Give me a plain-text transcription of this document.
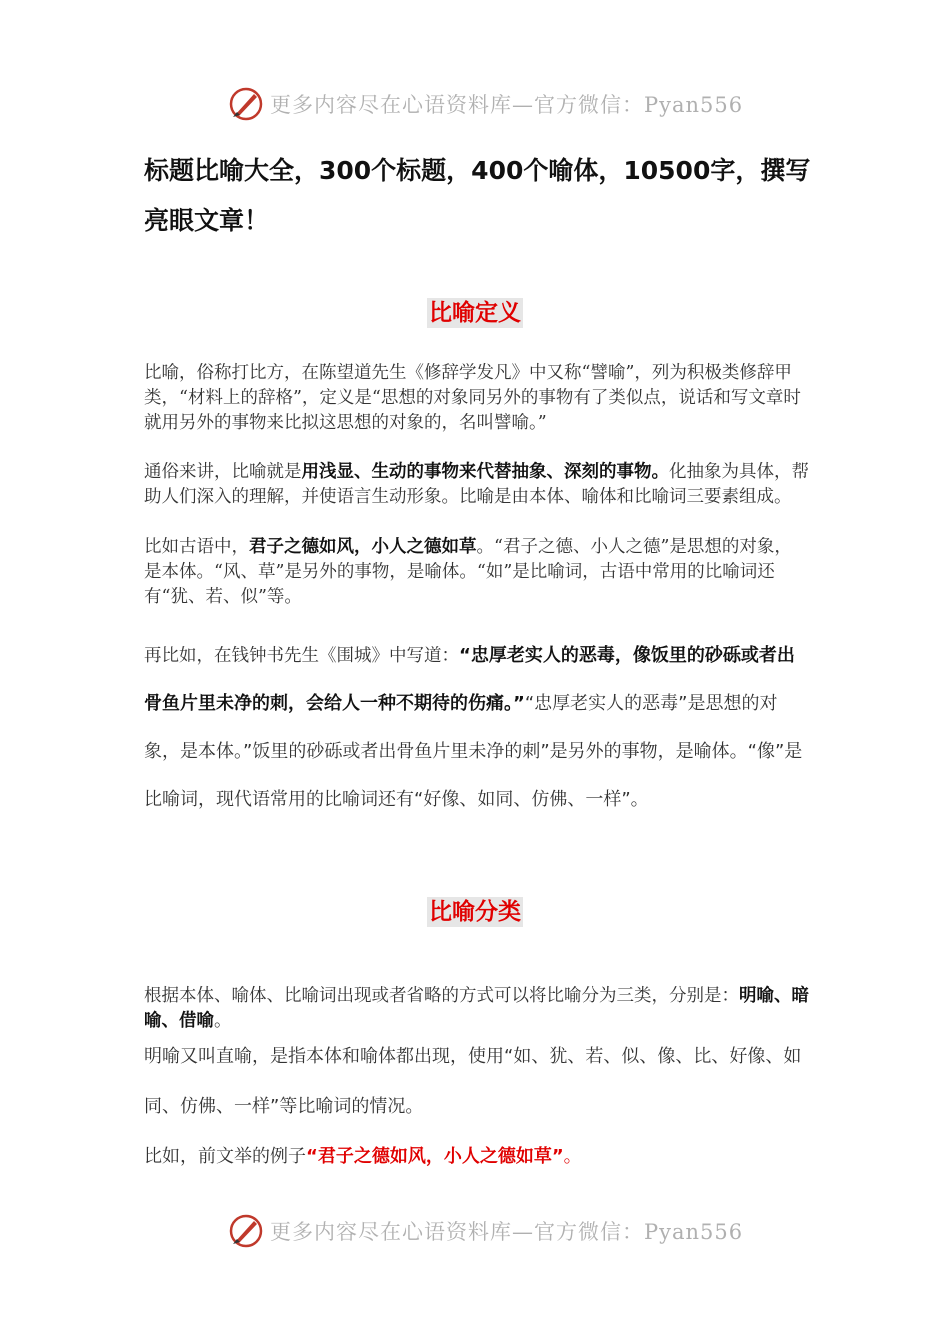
更多内容尽在心语资料库—官方微信：Pyan556
标题比喻大全，300个标题，400个喻体，10500字，撰写亮眼文章！
比喻定义

比喻，俗称打比方，在陈望道先生《修辞学发凡》中又称“譬喻”，列为积极类修辞甲类，“材料上的辞格”，定义是“思想的对象同另外的事物有了类似点，说话和写文章时就用另外的事物来比拟这思想的对象的，名叫譬喻。”

通俗来讲，比喻就是用浅显、生动的事物来代替抽象、深刻的事物。化抽象为具体，帮助人们深入的理解，并使语言生动形象。比喻是由本体、喻体和比喻词三要素组成。

比如古语中，君子之德如风，小人之德如草。“君子之德、小人之德”是思想的对象，是本体。“风、草”是另外的事物，是喻体。“如”是比喻词，古语中常用的比喻词还有“犹、若、似”等。

再比如，在钱钟书先生《围城》中写道：“忠厚老实人的恶毒，像饭里的砂砾或者出骨鱼片里未净的刺，会给人一种不期待的伤痛。”“忠厚老实人的恶毒”是思想的对象，是本体。”饭里的砂砾或者出骨鱼片里未净的刺”是另外的事物，是喻体。“像”是比喻词，现代语常用的比喻词还有“好像、如同、仿佛、一样”。

比喻分类

根据本体、喻体、比喻词出现或者省略的方式可以将比喻分为三类，分别是：明喻、暗喻、借喻。

明喻又叫直喻，是指本体和喻体都出现，使用“如、犹、若、似、像、比、好像、如同、仿佛、一样”等比喻词的情况。

比如，前文举的例子“君子之德如风，小人之德如草”。

更多内容尽在心语资料库—官方微信：Pyan556
